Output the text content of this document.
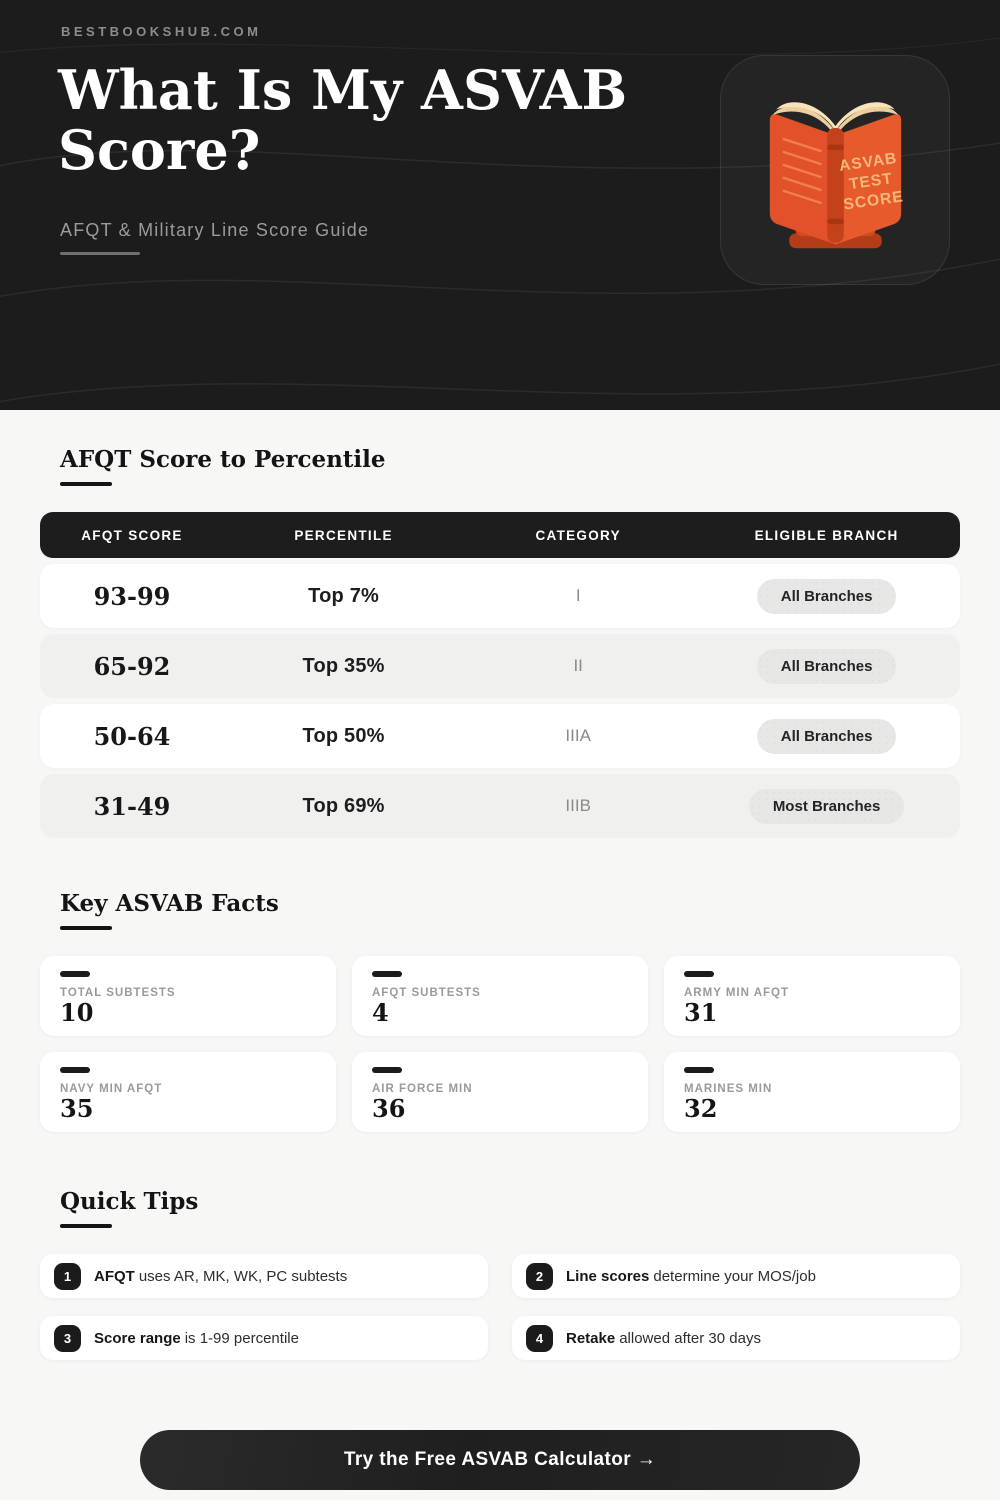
BESTBOOKSHUB.COM
What Is My ASVAB Score?
AFQT & Military Line Score Guide
ASVAB
TEST
SCORE
AFQT Score to Percentile
AFQT SCORE	PERCENTILE	CATEGORY	ELIGIBLE BRANCH
93-99	Top 7%	I	All Branches
65-92	Top 35%	II	All Branches
50-64	Top 50%	IIIA	All Branches
31-49	Top 69%	IIIB	Most Branches
Key ASVAB Facts
TOTAL SUBTESTS
10
AFQT SUBTESTS
4
ARMY MIN AFQT
31
NAVY MIN AFQT
35
AIR FORCE MIN
36
MARINES MIN
32
Quick Tips
1	AFQT uses AR, MK, WK, PC subtests	2	Line scores determine your MOS/job
3	Score range is 1-99 percentile	4	Retake allowed after 30 days
Try the Free ASVAB Calculator →
